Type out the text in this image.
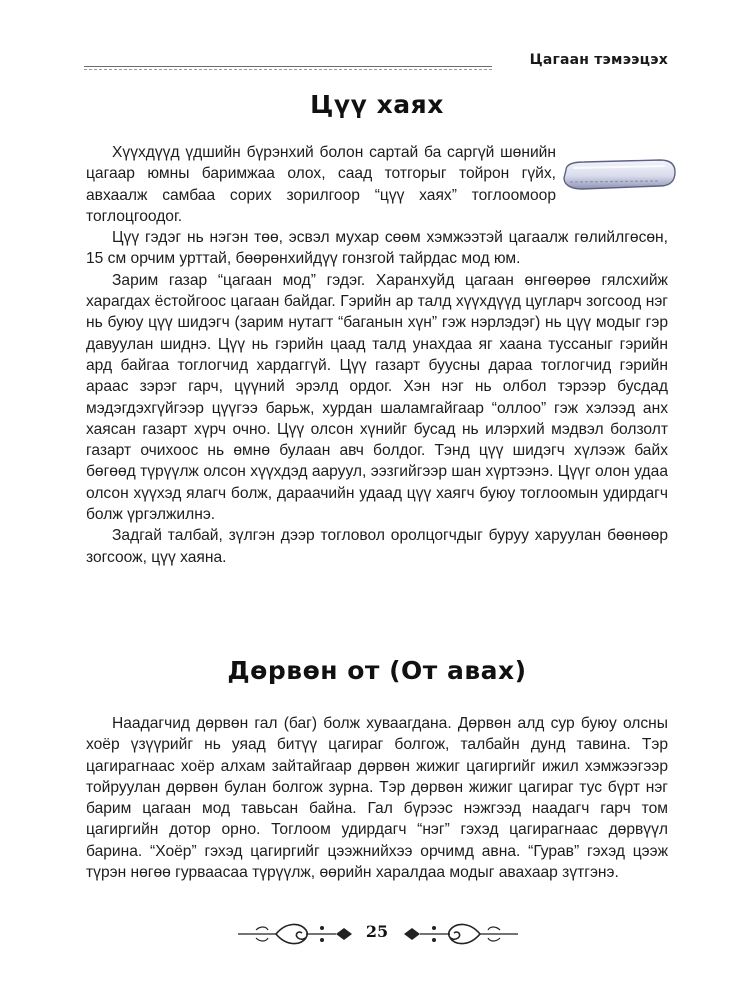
Цагаан тэмээцэх
Цүү хаях

Хүүхдүүд үдшийн бүрэнхий болон сартай ба саргүй шөнийн цагаар юмны баримжаа олох, саад тотгорыг тойрон гүйх, авхаалж самбаа сорих зорилгоор “цүү хаях” тоглоомоор тоглоцгоодог.

Цүү гэдэг нь нэгэн төө, эсвэл мухар сөөм хэмжээтэй цагаалж гөлийлгөсөн, 15 см орчим урттай, бөөрөнхийдүү гонзгой тайрдас мод юм.

Зарим газар “цагаан мод” гэдэг. Харанхуйд цагаан өнгөөрөө гялсхийж харагдах ёстойгоос цагаан байдаг. Гэрийн ар талд хүүхдүүд цугларч зогсоод нэг нь буюу цүү шидэгч (зарим нутагт “баганын хүн” гэж нэрлэдэг) нь цүү модыг гэр давуулан шиднэ. Цүү нь гэрийн цаад талд унахдаа яг хаана туссаныг гэрийн ард байгаа тоглогчид хардаггүй. Цүү газарт буусны дараа тоглогчид гэрийн араас зэрэг гарч, цүүний эрэлд ордог. Хэн нэг нь олбол тэрээр бусдад мэдэгдэхгүйгээр цүүгээ барьж, хурдан шаламгайгаар “оллоо” гэж хэлээд анх хаясан газарт хүрч очно. Цүү олсон хүнийг бусад нь илэрхий мэдвэл болзолт газарт очихоос нь өмнө булаан авч болдог. Тэнд цүү шидэгч хүлээж байх бөгөөд түрүүлж олсон хүүхдэд ааруул, ээзгийгээр шан хүртээнэ. Цүүг олон удаа олсон хүүхэд ялагч болж, дараачийн удаад цүү хаягч буюу тоглоомын удирдагч болж үргэлжилнэ.

Задгай талбай, зүлгэн дээр тогловол оролцогчдыг буруу харуулан бөөнөөр зогсоож, цүү хаяна.

Дөрвөн от (От авах)

Наадагчид дөрвөн гал (баг) болж хуваагдана. Дөрвөн алд сур буюу олсны хоёр үзүүрийг нь уяад битүү цагираг болгож, талбайн дунд тавина. Тэр цагирагнаас хоёр алхам зайтайгаар дөрвөн жижиг цагиргийг ижил хэмжээгээр тойруулан дөрвөн булан болгож зурна. Тэр дөрвөн жижиг цагираг тус бүрт нэг барим цагаан мод тавьсан байна. Гал бүрээс нэжгээд наадагч гарч том цагиргийн дотор орно. Тоглоом удирдагч “нэг” гэхэд цагирагнаас дөрвүүл барина. “Хоёр” гэхэд цагиргийг цээжнийхээ орчимд авна. “Гурав” гэхэд цээж түрэн нөгөө гурваасаа түрүүлж, өөрийн харалдаа модыг авахаар зүтгэнэ.

25
